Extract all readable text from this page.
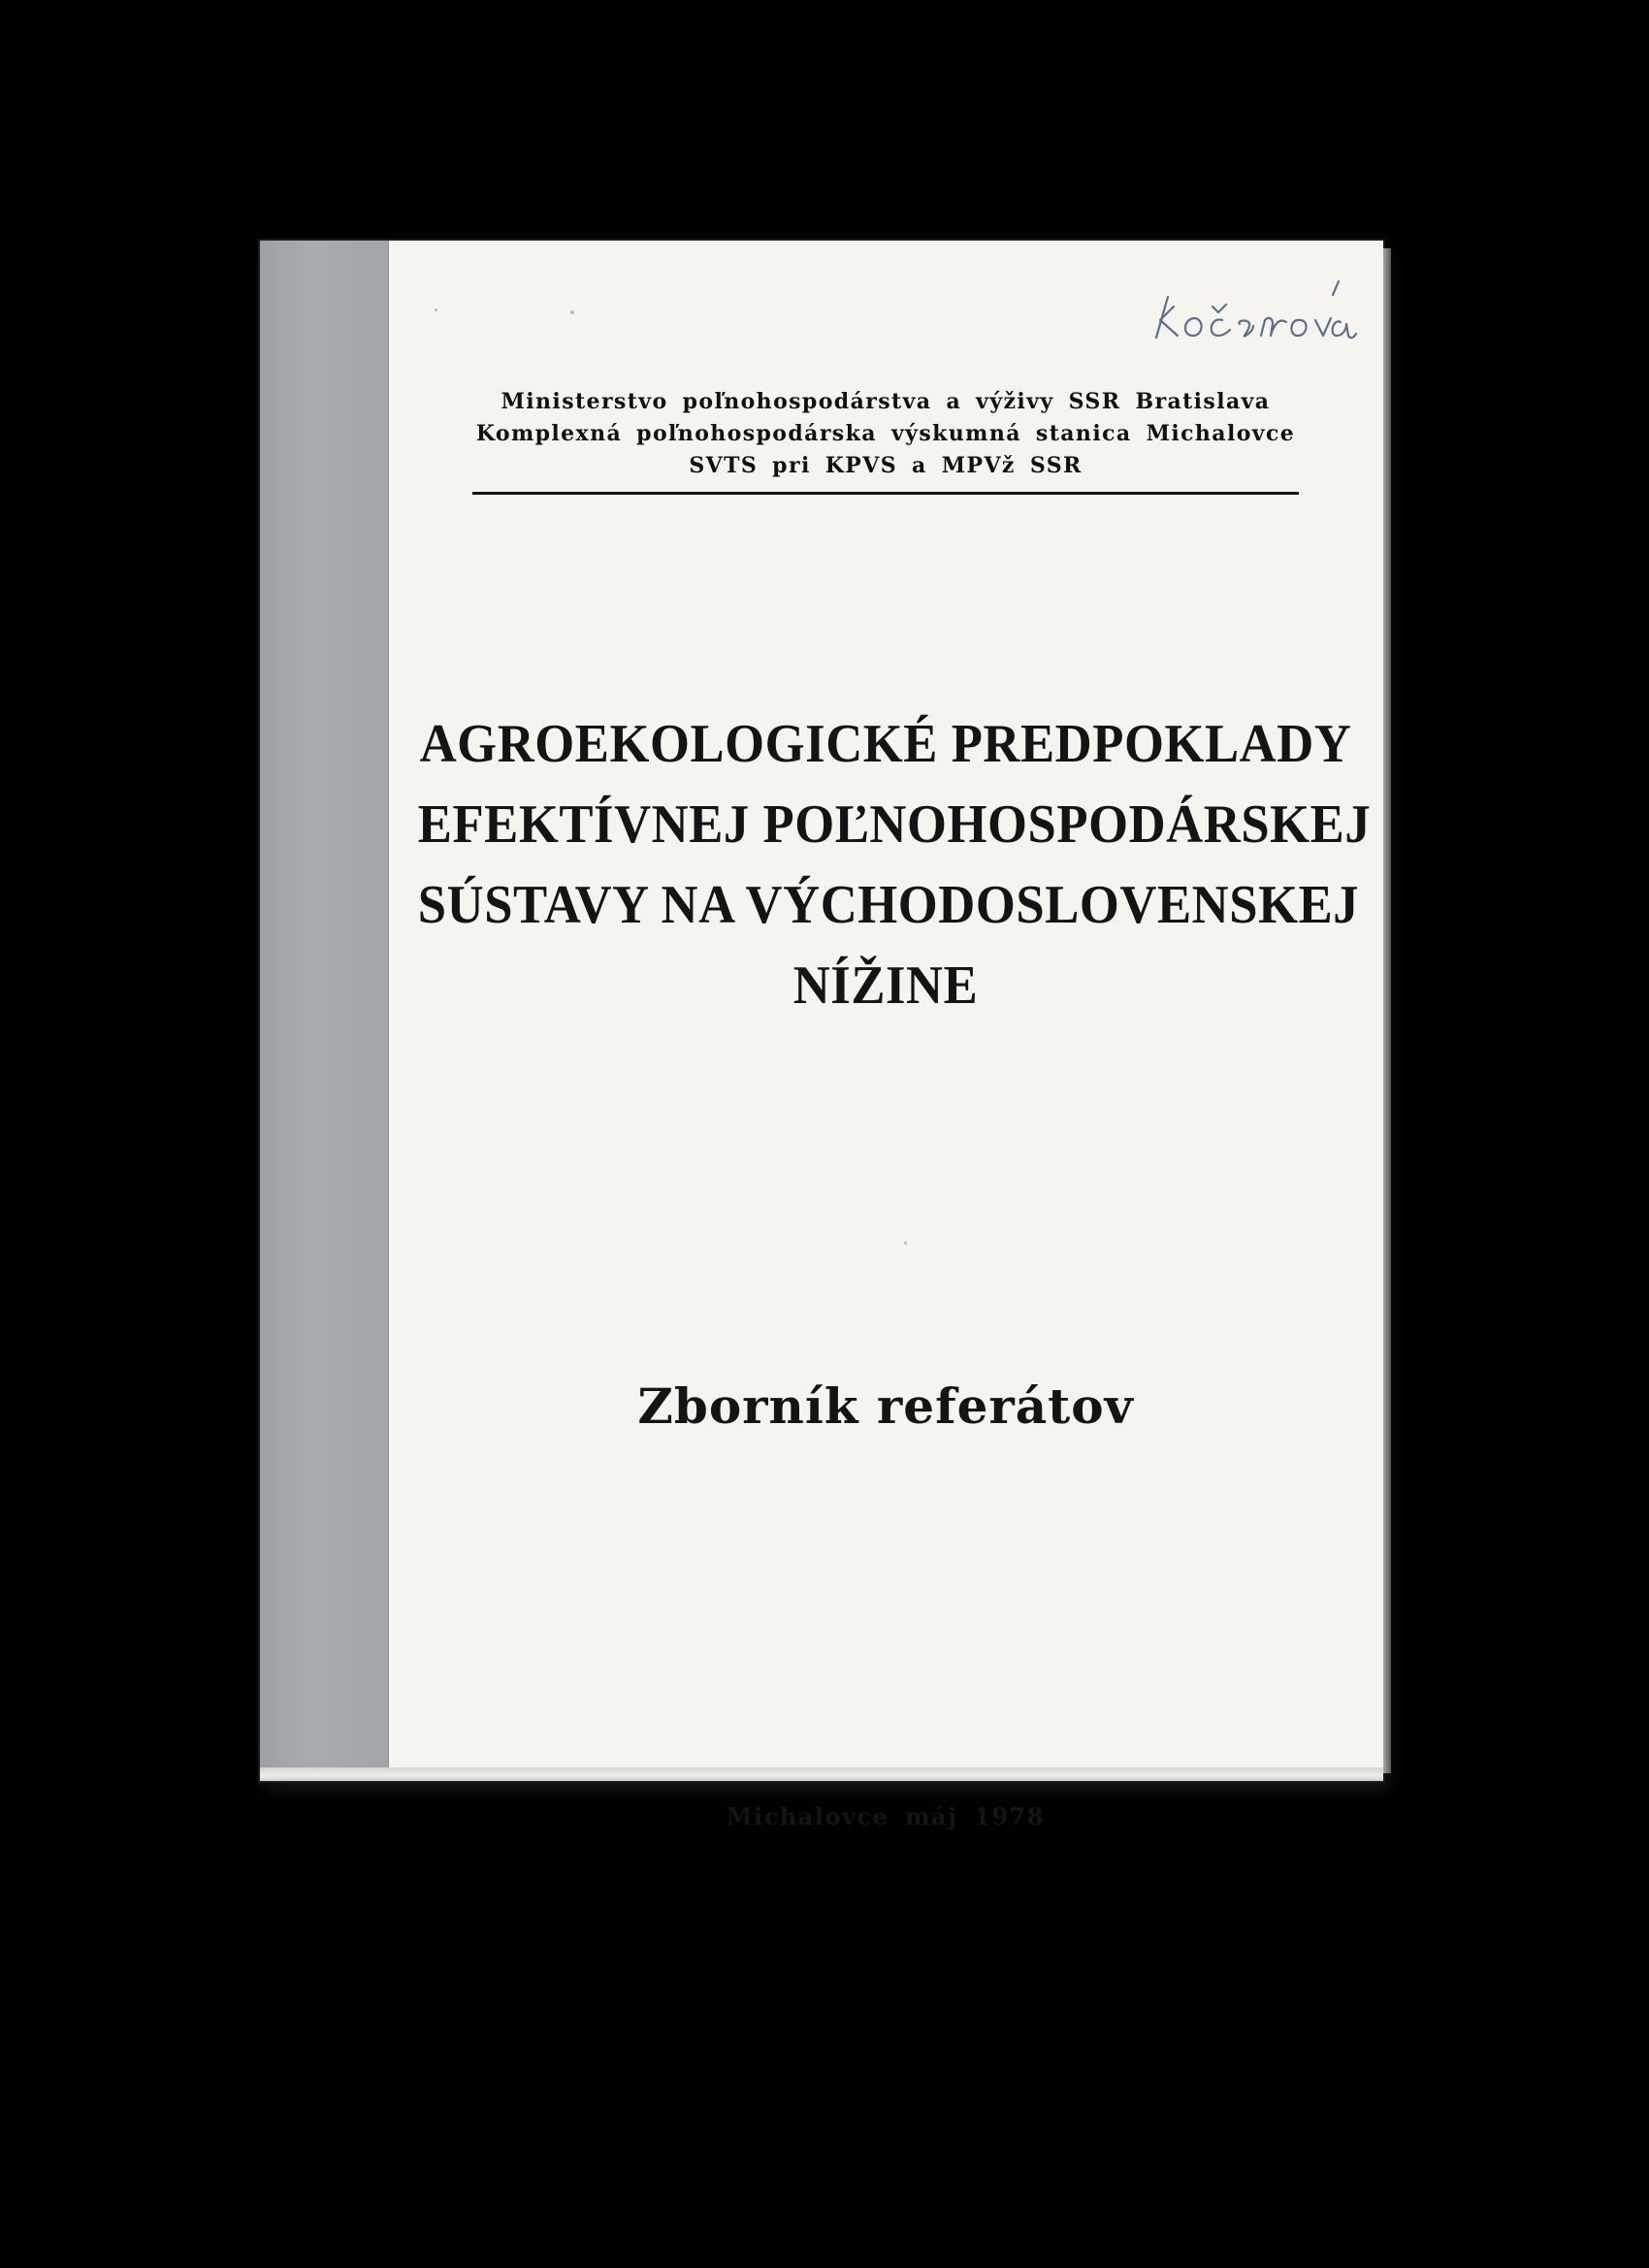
Ministerstvo poľnohospodárstva a výživy SSR Bratislava

Komplexná poľnohospodárska výskumná stanica Michalovce

SVTS pri KPVS a MPVž SSR

AGROEKOLOGICKÉ PREDPOKLADY

EFEKTÍVNEJ POĽNOHOSPODÁRSKEJ

SÚSTAVY NA VÝCHODOSLOVENSKEJ

NÍŽINE

Zborník referátov

Michalovce máj 1978
